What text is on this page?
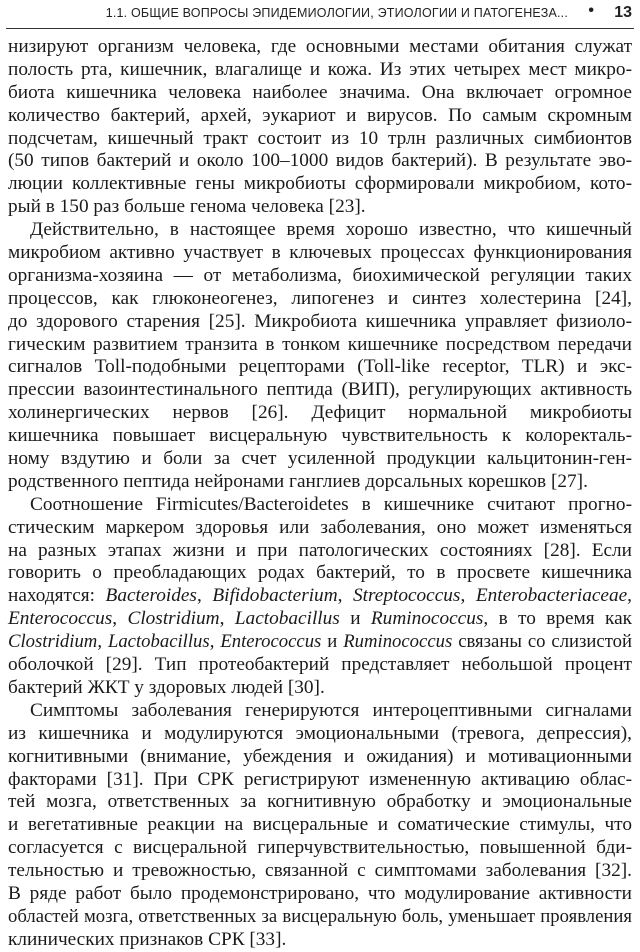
1.1. ОБЩИЕ ВОПРОСЫ ЭПИДЕМИОЛОГИИ, ЭТИОЛОГИИ И ПАТОГЕНЕЗА... • 13
низируют организм человека, где основными местами обитания служат
полость рта, кишечник, влагалище и кожа. Из этих четырех мест микро-
биота кишечника человека наиболее значима. Она включает огромное
количество бактерий, архей, эукариот и вирусов. По самым скромным
подсчетам, кишечный тракт состоит из 10 трлн различных симбионтов
(50 типов бактерий и около 100–1000 видов бактерий). В результате эво-
люции коллективные гены микробиоты сформировали микробиом, кото-
рый в 150 раз больше генома человека [23].
Действительно, в настоящее время хорошо известно, что кишечный
микробиом активно участвует в ключевых процессах функционирования
организма-хозяина — от метаболизма, биохимической регуляции таких
процессов, как глюконеогенез, липогенез и синтез холестерина [24],
до здорового старения [25]. Микробиота кишечника управляет физиоло-
гическим развитием транзита в тонком кишечнике посредством передачи
сигналов Toll-подобными рецепторами (Toll-like receptor, TLR) и экс-
прессии вазоинтестинального пептида (ВИП), регулирующих активность
холинергических нервов [26]. Дефицит нормальной микробиоты
кишечника повышает висцеральную чувствительность к колоректаль-
ному вздутию и боли за счет усиленной продукции кальцитонин-ген-
родственного пептида нейронами ганглиев дорсальных корешков [27].
Соотношение Firmicutes/Bacteroidetes в кишечнике считают прогно-
стическим маркером здоровья или заболевания, оно может изменяться
на разных этапах жизни и при патологических состояниях [28]. Если
говорить о преобладающих родах бактерий, то в просвете кишечника
находятся: Bacteroides, Bifidobacterium, Streptococcus, Enterobacteriaceae,
Enterococcus, Clostridium, Lactobacillus и Ruminococcus, в то время как
Clostridium, Lactobacillus, Enterococcus и Ruminococcus связаны со слизистой
оболочкой [29]. Тип протеобактерий представляет небольшой процент
бактерий ЖКТ у здоровых людей [30].
Симптомы заболевания генерируются интероцептивными сигналами
из кишечника и модулируются эмоциональными (тревога, депрессия),
когнитивными (внимание, убеждения и ожидания) и мотивационными
факторами [31]. При СРК регистрируют измененную активацию облас-
тей мозга, ответственных за когнитивную обработку и эмоциональные
и вегетативные реакции на висцеральные и соматические стимулы, что
согласуется с висцеральной гиперчувствительностью, повышенной бди-
тельностью и тревожностью, связанной с симптомами заболевания [32].
В ряде работ было продемонстрировано, что модулирование активности
областей мозга, ответственных за висцеральную боль, уменьшает проявления
клинических признаков СРК [33].
